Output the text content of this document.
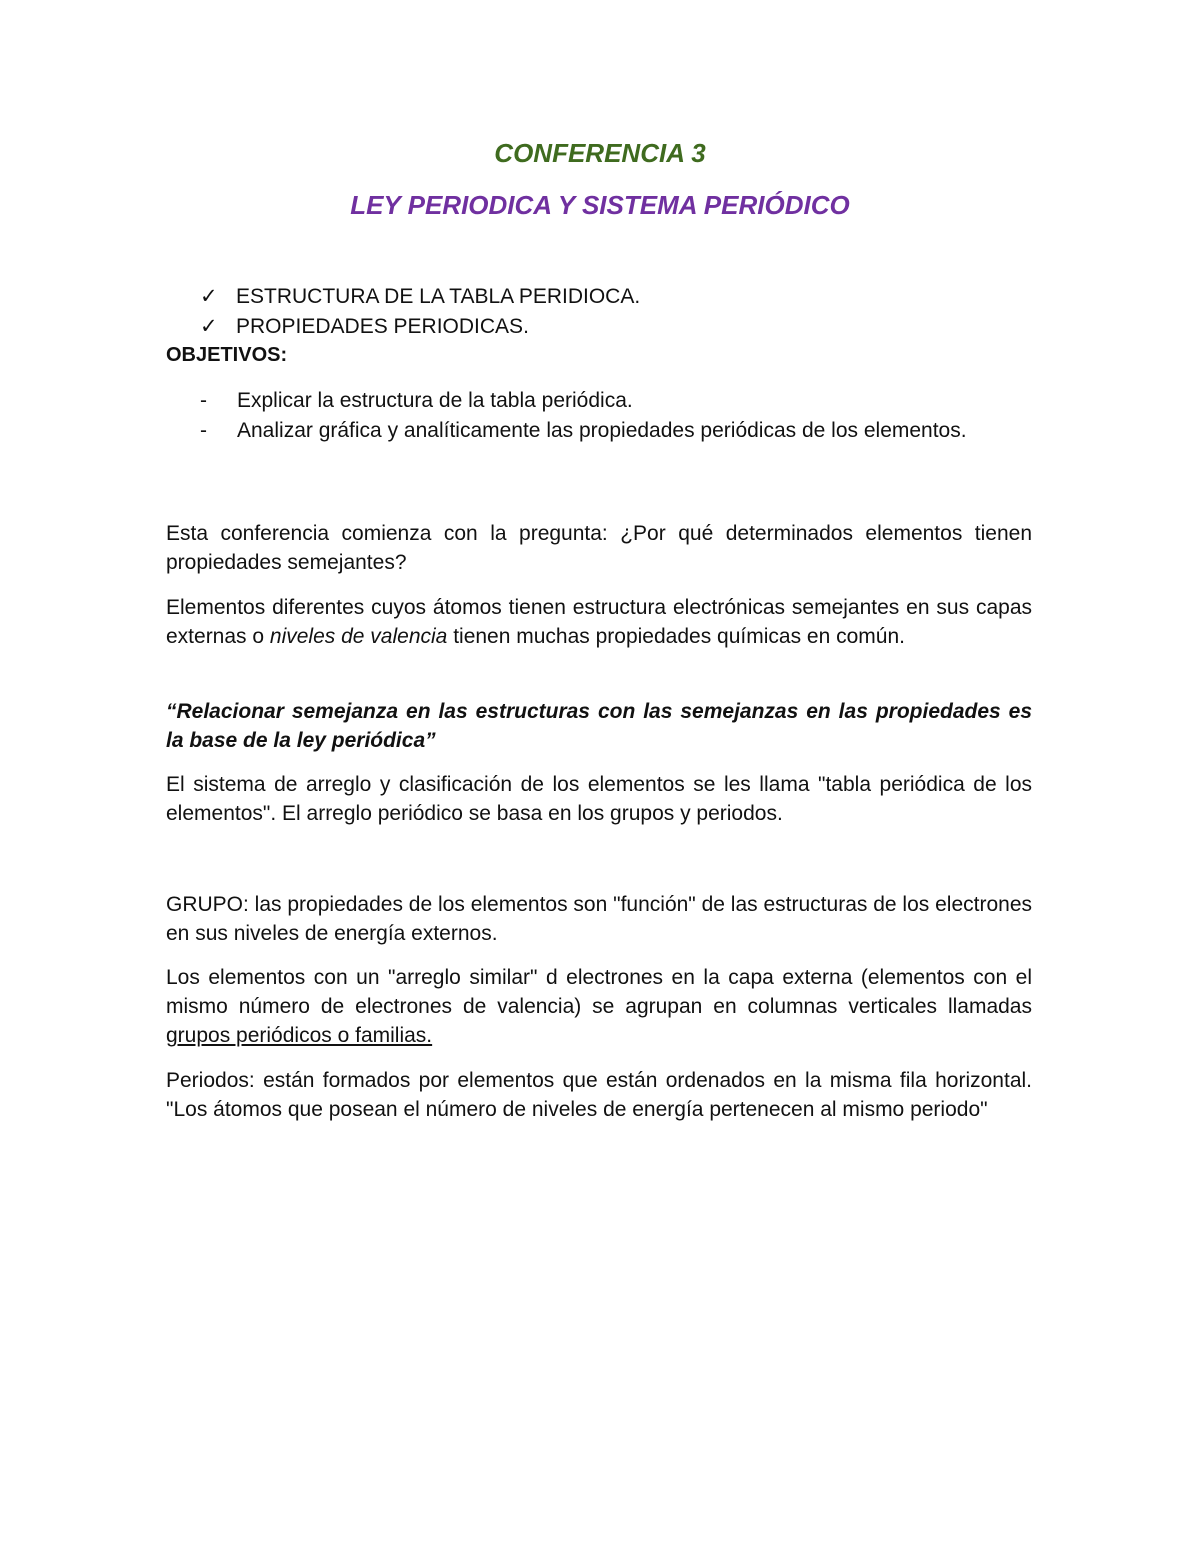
CONFERENCIA 3
LEY PERIODICA Y SISTEMA PERIÓDICO
✓ ESTRUCTURA DE LA TABLA PERIDIOCA.
✓ PROPIEDADES PERIODICAS.
OBJETIVOS:
- Explicar la estructura de la tabla periódica.
- Analizar gráfica y analíticamente las propiedades periódicas de los elementos.
Esta conferencia comienza con la pregunta: ¿Por qué determinados elementos tienen propiedades semejantes?
Elementos diferentes cuyos átomos tienen estructura electrónicas semejantes en sus capas externas o niveles de valencia tienen muchas propiedades químicas en común.
“Relacionar semejanza en las estructuras con las semejanzas en las propiedades es la base de la ley periódica”
El sistema de arreglo y clasificación de los elementos se les llama "tabla periódica de los elementos". El arreglo periódico se basa en los grupos y periodos.
GRUPO: las propiedades de los elementos son "función" de las estructuras de los electrones en sus niveles de energía externos.
Los elementos con un "arreglo similar" d electrones en la capa externa (elementos con el mismo número de electrones de valencia) se agrupan en columnas verticales llamadas grupos periódicos o familias.
Periodos: están formados por elementos que están ordenados en la misma fila horizontal. "Los átomos que posean el número de niveles de energía pertenecen al mismo periodo"
